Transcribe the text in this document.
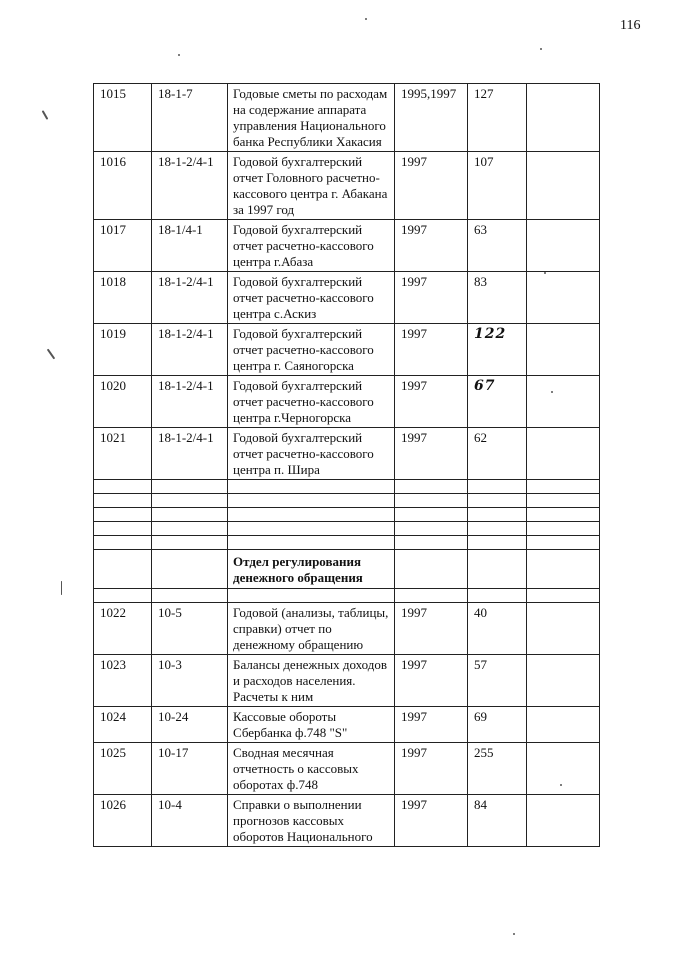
116
1015	18-1-7	Годовые сметы по расходам на содержание аппарата управления Национального банка Республики Хакасия	1995,1997	127	
1016	18-1-2/4-1	Годовой бухгалтерский отчет Головного расчетно-кассового центра г. Абакана за 1997 год	1997	107	
1017	18-1/4-1	Годовой бухгалтерский отчет расчетно-кассового центра г.Абаза	1997	63	
1018	18-1-2/4-1	Годовой бухгалтерский отчет расчетно-кассового центра с.Аскиз	1997	83	
1019	18-1-2/4-1	Годовой бухгалтерский отчет расчетно-кассового центра г. Саяногорска	1997	122	
1020	18-1-2/4-1	Годовой бухгалтерский отчет расчетно-кассового центра г.Черногорска	1997	67	
1021	18-1-2/4-1	Годовой бухгалтерский отчет расчетно-кассового центра п. Шира	1997	62	

		Отдел регулирования денежного обращения			

1022	10-5	Годовой (анализы, таблицы, справки) отчет по денежному обращению	1997	40	
1023	10-3	Балансы денежных доходов и расходов населения. Расчеты к ним	1997	57	
1024	10-24	Кассовые обороты Сбербанка ф.748 "S"	1997	69	
1025	10-17	Сводная месячная отчетность о кассовых оборотах ф.748	1997	255	
1026	10-4	Справки о выполнении прогнозов кассовых оборотов Национального	1997	84	
